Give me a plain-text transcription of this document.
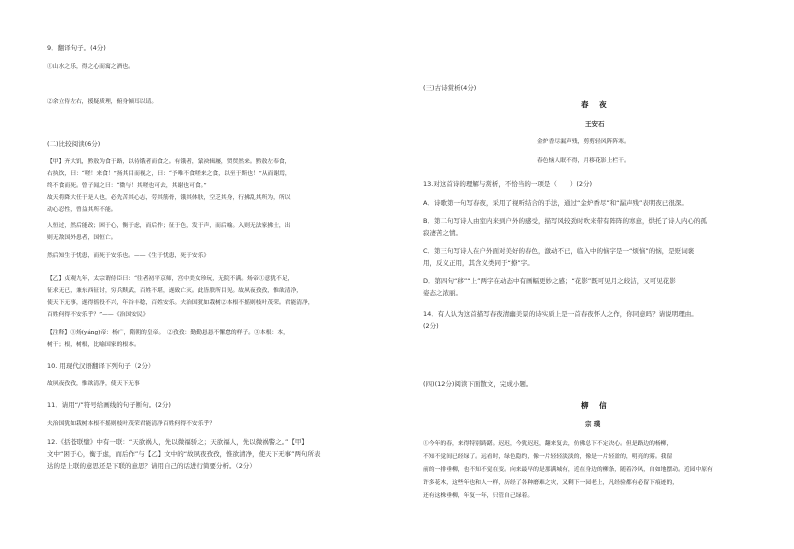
9．翻译句子。(4分)
①山水之乐，得之心而寓之酒也。
②余立侍左右，援疑质理，俯身倾耳以请。
(二)比较阅读(6分)
【甲】齐大饥，黔敖为食于路，以待饿者而食之。有饿者，蒙袂辑屦，贸贸然来。黔敖左奉食，
右执饮，曰：“嗟！来食！”扬其目而视之，曰：“予唯不食嗟来之食，以至于斯也！”从而谢焉，
终不食而死。曾子闻之曰：“微与！其嗟也可去，其谢也可食。”
故天将降大任于是人也，必先苦其心志，劳其筋骨，饿其体肤，空乏其身，行拂乱其所为，所以
动心忍性，曾益其所不能。
人恒过，然后能改；困于心，衡于虑，而后作；征于色，发于声，而后喻。入则无法家拂士，出
则无敌国外患者，国恒亡。
然后知生于忧患，而死于安乐也。——《生于忧患，死于安乐》
【乙】贞观九年，太宗谓侍臣曰：“往者初平京师，宫中美女珍玩，无院不满。炀帝①意犹不足，
征求无已，兼东西征讨，穷兵黩武，百姓不堪，遂致亡灭。此皆朕所目见。故夙夜孜孜，惟欲清净，
使天下无事，遂得徭役不兴，年谷丰稔，百姓安乐。夫治国犹如栽树②本根不摇则枝叶茂荣。君能清净，
百姓何得不安乐乎？”——《治国安民》
【注释】①炀(yáng)帝：杨广，隋朝的皇帝。　②孜孜：勤勤恳恳不懈怠的样子。③本根：本，
树干；根，树根，比喻国家的根本。
10. 用现代汉语翻译下列句子（2分）
故夙夜孜孜，惟欲清净，使天下无事
11．请用“/”符号给画线的句子断句。(2分)
夫治国犹如栽树本根不摇则枝叶茂荣君能清净百姓何得不安乐乎？
12.《括苍联璧》中有一联：“天欲祸人，先以微福骄之；天欲福人，先以微祸警之。”【甲】
文中“困于心，衡于虑，而后作”与【乙】文中的“故夙夜孜孜，惟欲清净，使天下无事”两句所表
达的是上联的意思还是下联的意思？请用自己的话进行简要分析。（2分）
(三)古诗赏析(4分)
春 夜
王安石
金炉香尽漏声残，剪剪轻风阵阵寒。
春色恼人眠不得，月移花影上栏干。
13.对这首诗的理解与赏析，不恰当的一项是（　　）(2分)
A．诗歌第一句写春夜，采用了视听结合的手法，通过“金炉香尽”和“漏声残”表明夜已很深。
B．第二句写诗人由室内来到户外的感受，描写风较劲时吹来带有阵阵的寒意，烘托了诗人内心的孤
寂凄苦之情。
C．第三句写诗人在户外面对美好的春色，激动不已，临入中的恼字是一“烦恼”的恼，是贬词褒
用，反义正用，其含义类同于“撩”字。
D．第四句“移”“上”两字在动态中有画幅更妙之感；“花影”既可见月之皎洁，又可见花影
姿态之浓丽。
14．有人认为这首描写春夜清幽美景的诗实质上是一首春夜怀人之作，你同意吗？请说明理由。
(2分)
(四)(12分)阅读下面散文，完成小题。
柳 信
宗 璞
①今年的春，来得特别踌躇。迟迟，今犹迟迟，翻来复去，仿佛总下不定决心。但是路边的杨柳，
不知不觉间已经绿了。远看时，绿色隐约，像一片轻轻淡淡的，像是一片轻盈的，明亮的雾。我留
前的一排垂柳，也不知不觉在变。向来最早的是那满城有，近在身边的柳条，随着冷风，自如地摆动。近园中原有
许多花木，这些年也和人一样，历经了各种磨难之灾，又剩下一园老上，凡经验都有必留下痕迹的，
还有这株垂柳，年复一年，只管自己绿着。
